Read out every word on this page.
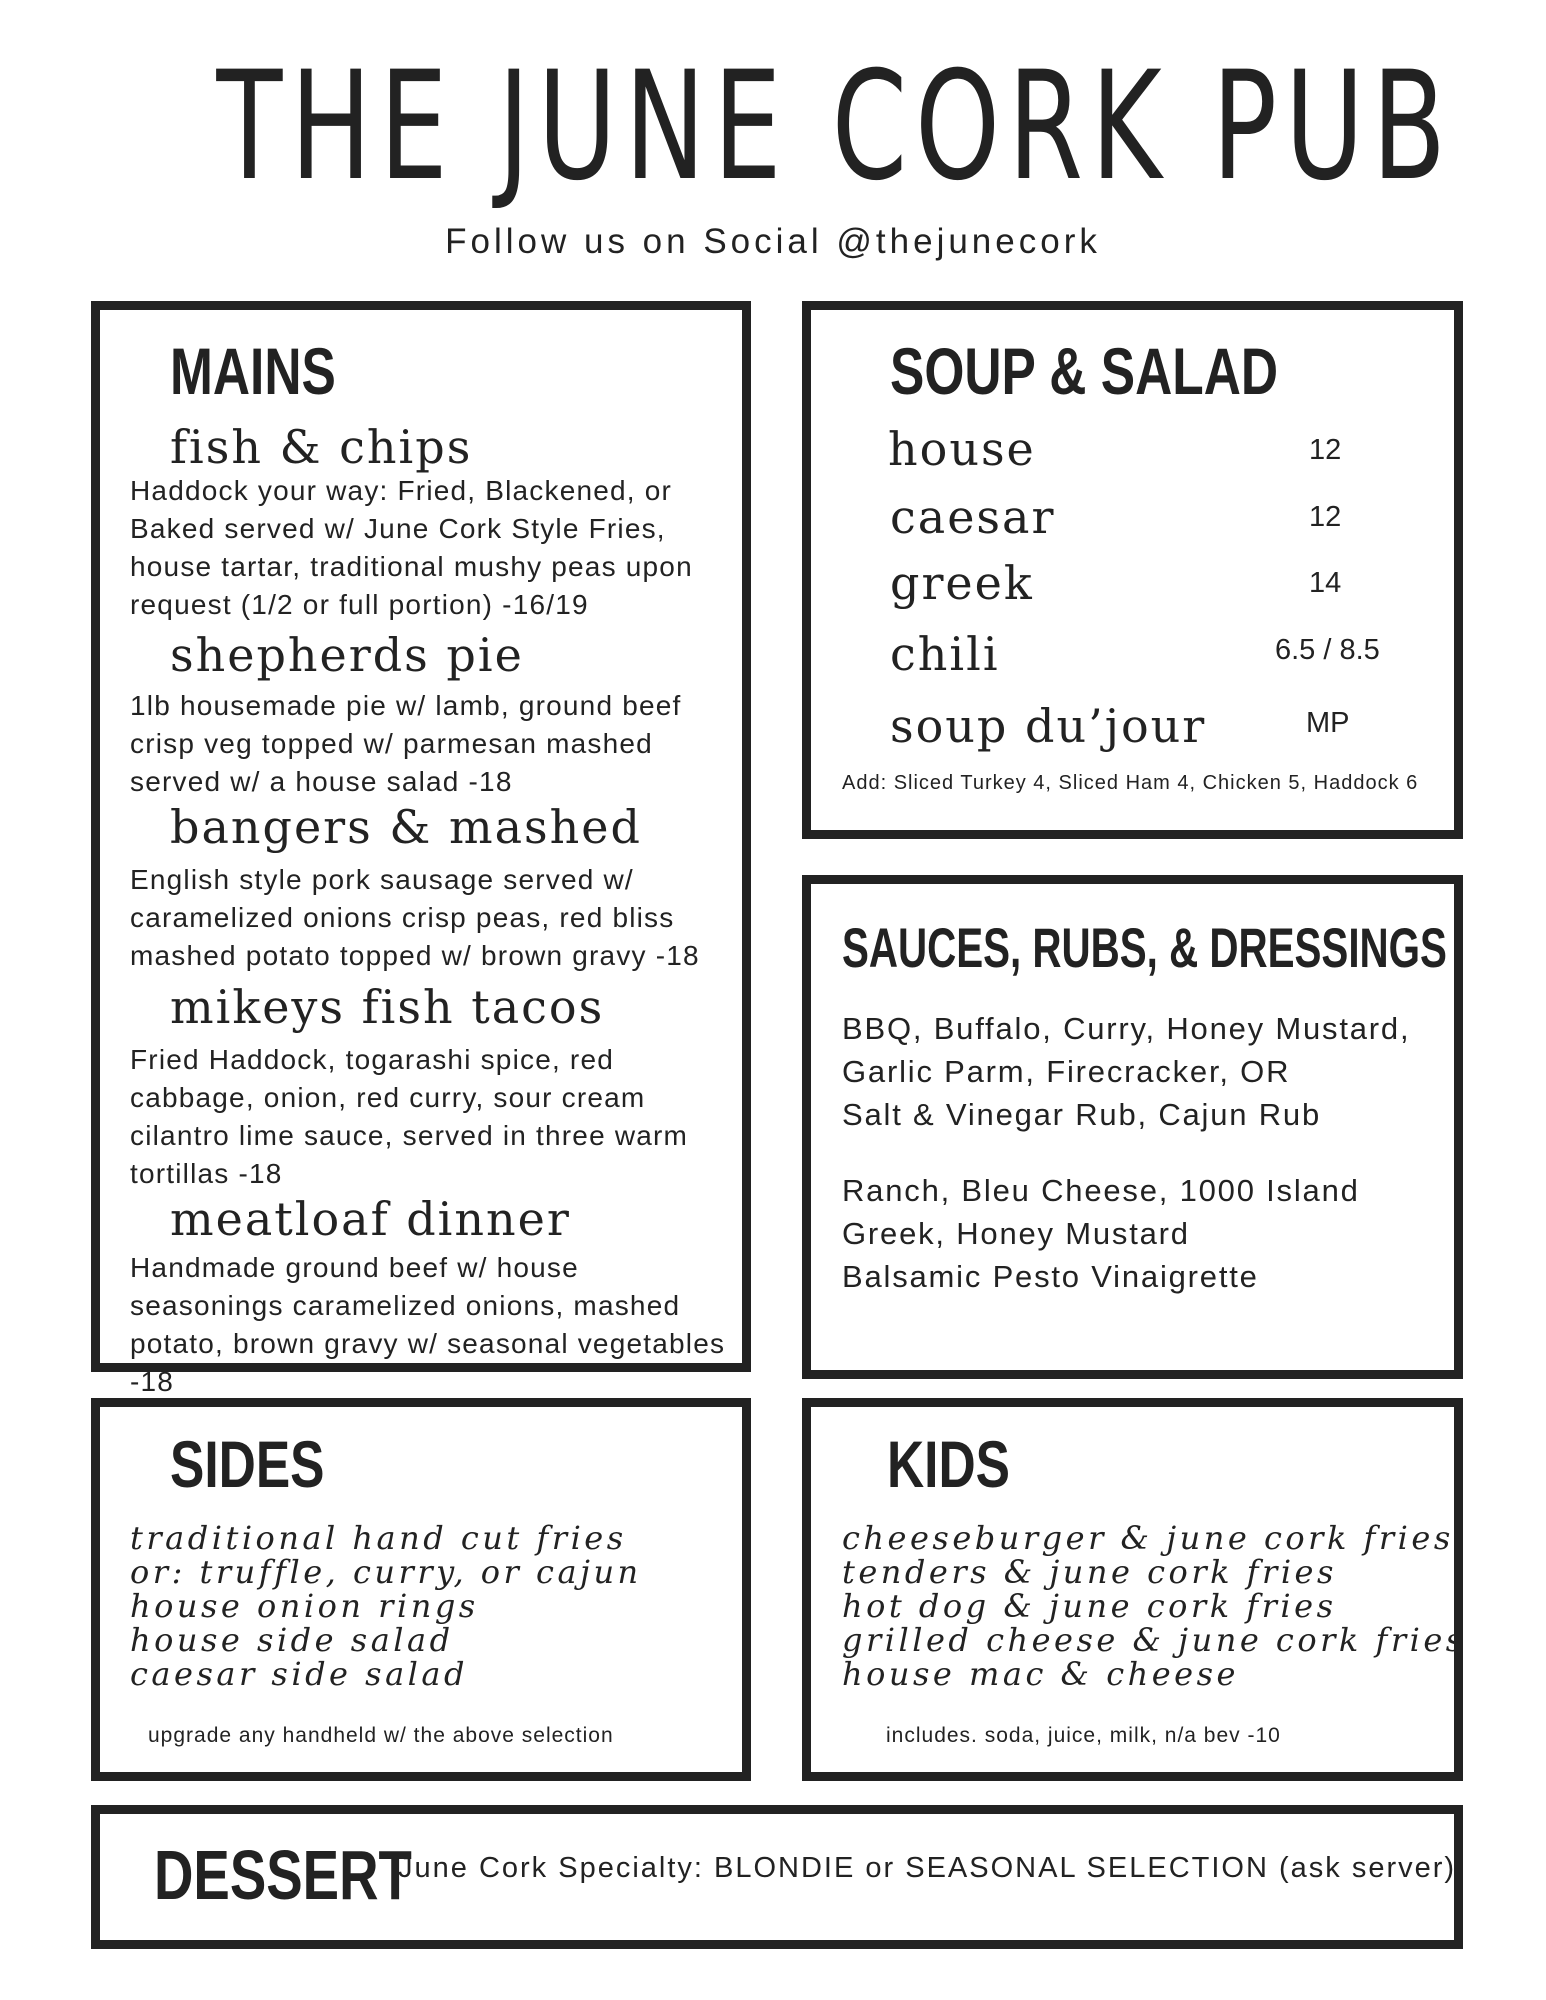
THE JUNE CORK PUB
Follow us on Social @thejunecork
MAINS
fish & chips
Haddock your way: Fried, Blackened, or
Baked served w/ June Cork Style Fries,
house tartar, traditional mushy peas upon
request (1/2 or full portion) -16/19
shepherds pie
1lb housemade pie w/ lamb, ground beef
crisp veg topped w/ parmesan mashed
served w/ a house salad -18
bangers & mashed
English style pork sausage served w/
caramelized onions crisp peas, red bliss
mashed potato topped w/ brown gravy -18
mikeys fish tacos
Fried Haddock, togarashi spice, red
cabbage, onion, red curry, sour cream
cilantro lime sauce, served in three warm
tortillas -18
meatloaf dinner
Handmade ground beef w/ house
seasonings caramelized onions, mashed
potato, brown gravy w/ seasonal vegetables
-18
SOUP & SALAD
house	12
caesar	12
greek	14
chili	6.5 / 8.5
soup du’jour	MP
Add: Sliced Turkey 4, Sliced Ham 4, Chicken 5, Haddock 6
SAUCES, RUBS, & DRESSINGS
BBQ, Buffalo, Curry, Honey Mustard,
Garlic Parm, Firecracker, OR
Salt & Vinegar Rub, Cajun Rub
Ranch, Bleu Cheese, 1000 Island
Greek, Honey Mustard
Balsamic Pesto Vinaigrette
SIDES
traditional hand cut fries
or: truffle, curry, or cajun
house onion rings
house side salad
caesar side salad
upgrade any handheld w/ the above selection
KIDS
cheeseburger & june cork fries
tenders & june cork fries
hot dog & june cork fries
grilled cheese & june cork fries
house mac & cheese
includes. soda, juice, milk, n/a bev -10
DESSERT
June Cork Specialty: BLONDIE or SEASONAL SELECTION (ask server)
